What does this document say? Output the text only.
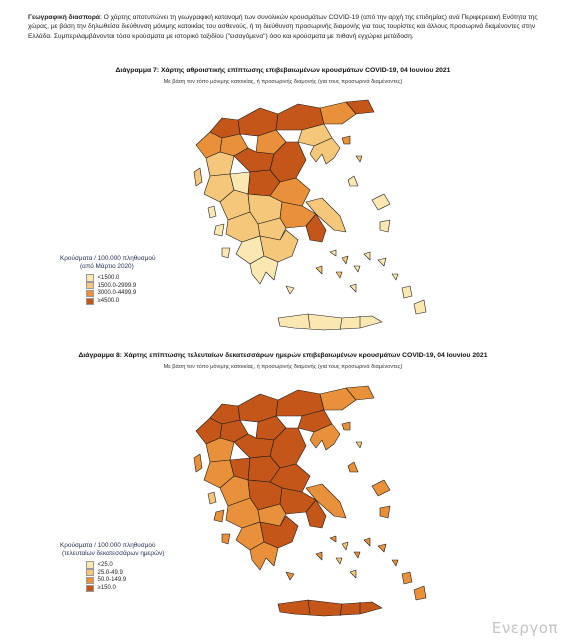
Γεωγραφική διασπορά: Ο χάρτης αποτυπώνει τη γεωγραφική κατανομή των συνολικών κρουσμάτων COVID-19 (από την αρχή της επιδημίας) ανά Περιφερειακή Ενότητα της χώρας, με βάση την δηλωθείσα διεύθυνση μόνιμης κατοικίας του ασθενούς, ή τη διεύθυνση προσωρινής διαμονής για τους τουρίστες και άλλους προσωρινά διαμένοντες στην Ελλάδα. Συμπεριλαμβάνονται τόσο κρούσματα με ιστορικό ταξιδίου ("εισαγόμενα") όσο και κρούσματα με πιθανή εγχώρια μετάδοση.
Διάγραμμα 7: Χάρτης αθροιστικής επίπτωσης επιβεβαιωμένων κρουσμάτων COVID-19, 04 Ιουνίου 2021
Με βάση τον τόπο μόνιμης κατοικίας, ή προσωρινής διαμονής (για τους προσωρινά διαμένοντες)
Κρούσματα / 100.000 πληθυσμού
(από Μάρτιο 2020)
<1500.0
1500.0-2999.9
3000.0-4499.9
≥4500.0
Διάγραμμα 8: Χάρτης επίπτωσης τελευταίων δεκατεσσάρων ημερών επιβεβαιωμένων κρουσμάτων COVID-19, 04 Ιουνίου 2021
Με βάση τον τόπο μόνιμης κατοικίας, ή προσωρινής διαμονής (για τους προσωρινά διαμένοντες)
Κρούσματα / 100.000 πληθυσμού
(τελευταίων δεκατεσσάρων ημερών)
<25.0
25.0-49.9
50.0-149.9
≥150.0
Ενεργοπ
